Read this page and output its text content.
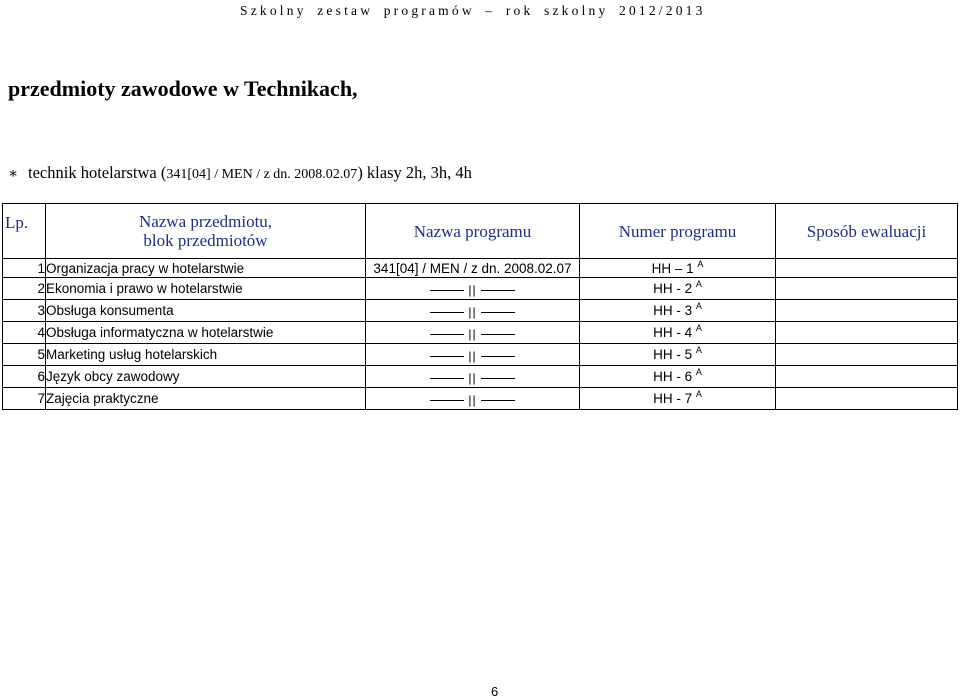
Szkolny zestaw programów – rok szkolny 2012/2013
przedmioty zawodowe w Technikach,
∗ technik hotelarstwa (341[04] / MEN / z dn. 2008.02.07) klasy 2h, 3h, 4h
Lp.	Nazwa przedmiotu,
blok przedmiotów	Nazwa programu	Numer programu	Sposób ewaluacji
1	Organizacja pracy w hotelarstwie	341[04] / MEN / z dn. 2008.02.07	HH – 1 $^A$	
2	Ekonomia i prawo w hotelarstwie	||	HH - 2 $^A$	
3	Obsługa konsumenta	||	HH - 3 $^A$	
4	Obsługa informatyczna w hotelarstwie	||	HH - 4 $^A$	
5	Marketing usług hotelarskich	||	HH - 5 $^A$	
6	Język obcy zawodowy	||	HH - 6 $^A$	
7	Zajęcia praktyczne	||	HH - 7 $^A$	
6
